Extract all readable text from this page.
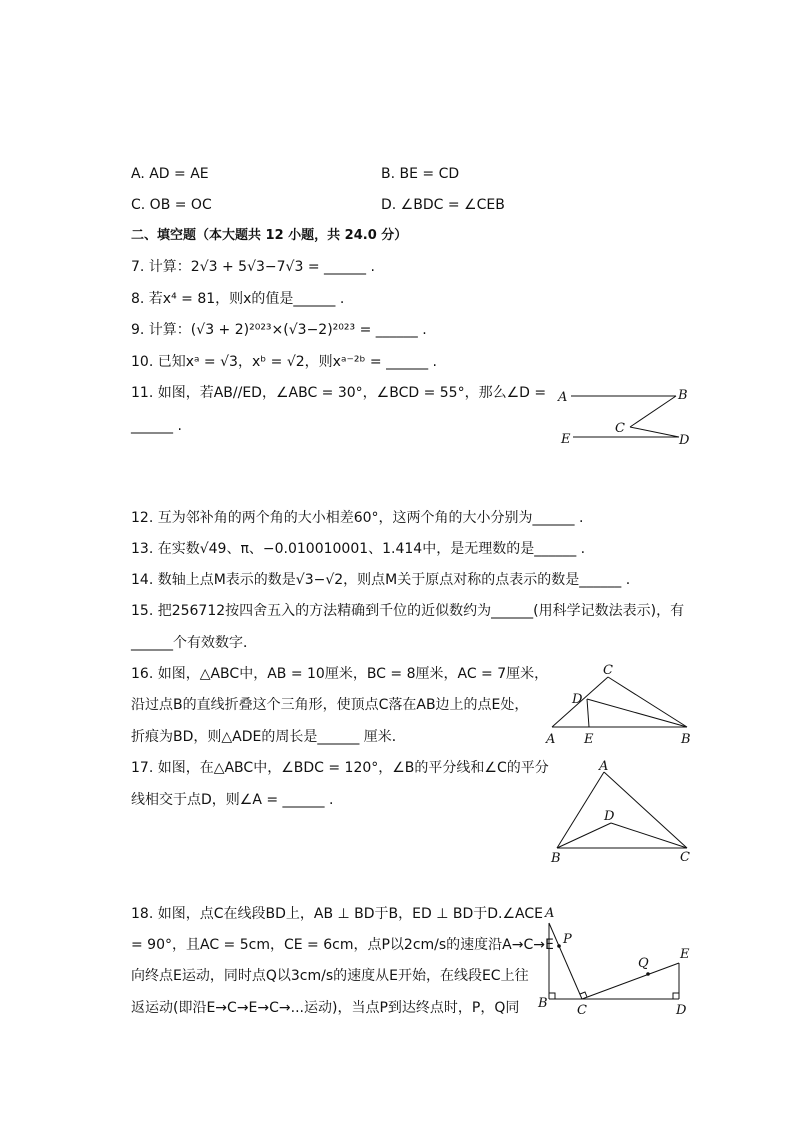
A. AD = AE	B. BE = CD
C. OB = OC	D. ∠BDC = ∠CEB
二、填空题（本大题共 12 小题，共 24.0 分）
7. 计算：2√3 + 5√3−7√3 = ______ .
8. 若x⁴ = 81，则x的值是______ .
9. 计算：(√3 + 2)²⁰²³×(√3−2)²⁰²³ = ______ .
10. 已知xᵃ = √3，xᵇ = √2，则xᵃ⁻²ᵇ = ______ .
11. 如图，若AB//ED，∠ABC = 30°，∠BCD = 55°，那么∠D =
______ .
A	B
C
D
E
12. 互为邻补角的两个角的大小相差60°，这两个角的大小分别为______ .
13. 在实数√49、π、−0.010010001、1.414中，是无理数的是______ .
14. 数轴上点M表示的数是√3−√2，则点M关于原点对称的点表示的数是______ .
15. 把256712按四舍五入的方法精确到千位的近似数约为______(用科学记数法表示)，有
______个有效数字．
16. 如图，△ABC中，AB = 10厘米，BC = 8厘米，AC = 7厘米，
沿过点B的直线折叠这个三角形，使顶点C落在AB边上的点E处，
折痕为BD，则△ADE的周长是______ 厘米．	A	B
C
D
E
17. 如图，在△ABC中，∠BDC = 120°，∠B的平分线和∠C的平分
线相交于点D，则∠A = ______ .
A
B	C
D
18. 如图，点C在线段BD上，AB ⊥ BD于B，ED ⊥ BD于D.∠ACE
= 90°，且AC = 5cm，CE = 6cm，点P以2cm/s的速度沿A→C→E
向终点E运动，同时点Q以3cm/s的速度从E开始，在线段EC上往
返运动(即沿E→C→E→C→...运动)，当点P到达终点时，P，Q同
A
B C	D
E
P
Q
